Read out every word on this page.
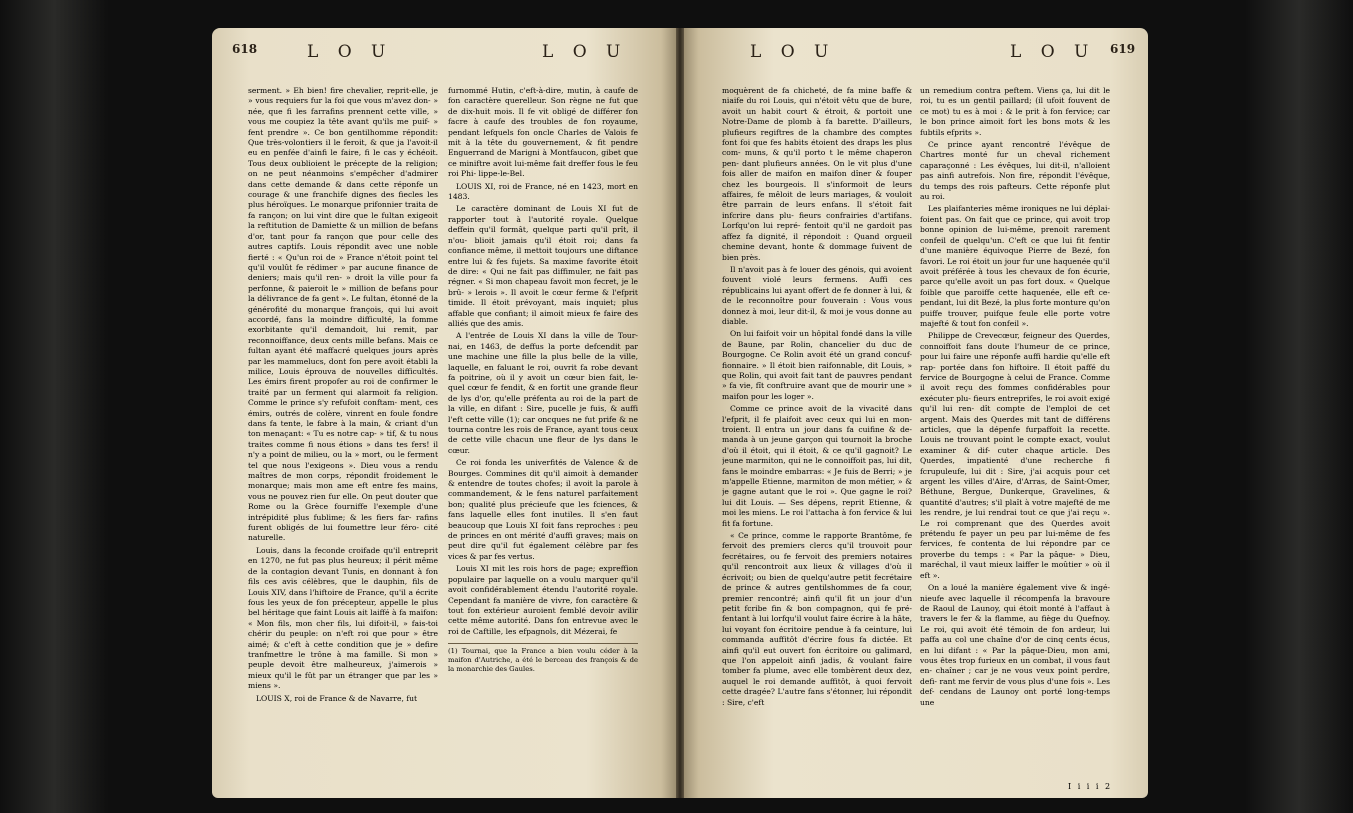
618	L O U	L O U	L O U	L O U 619

serment. » Eh bien! fire chevalier, reprit-elle, je » vous requiers fur la foi que vous m'avez don- » née, que fi les farrafins prennent cette ville, » vous me coupiez la tête avant qu'ils me puif- » fent prendre ». Ce bon gentilhomme répondit: Que très-volontiers il le feroit, & que ja l'avoit-il eu en penfée d'ainfi le faire, fi le cas y échéoit. Tous deux oublioient le précepte de la religion; on ne peut néanmoins s'empêcher d'admirer dans cette demande & dans cette réponfe un courage & une franchife dignes des fiecles les plus héroïques. Le monarque prifonnier traita de fa rançon; on lui vint dire que le fultan exigeoit la reftitution de Damiette & un million de befans d'or, tant pour fa rançon que pour celle des autres captifs. Louis répondit avec une noble fierté : « Qu'un roi de » France n'étoit point tel qu'il voulût fe rédimer » par aucune finance de deniers; mais qu'il ren- » droit la ville pour fa perfonne, & paieroit le » million de befans pour la délivrance de fa gent ». Le fultan, étonné de la générofité du monarque françois, qui lui avoit accordé, fans la moindre difficulté, la fomme exorbitante qu'il demandoit, lui remit, par reconnoiffance, deux cents mille befans. Mais ce fultan ayant été maffacré quelques jours après par les mammelucs, dont fon pere avoit établi la milice, Louis éprouva de nouvelles difficultés. Les émirs firent propofer au roi de confirmer le traité par un ferment qui alarmoit fa religion. Comme le prince s'y refufoit conftam- ment, ces émirs, outrés de colère, vinrent en foule fondre dans fa tente, le fabre à la main, & criant d'un ton menaçant: « Tu es notre cap- » tif, & tu nous traites comme fi nous étions » dans tes fers! il n'y a point de milieu, ou la » mort, ou le ferment tel que nous l'exigeons ». Dieu vous a rendu maîtres de mon corps, répondit froidement le monarque; mais mon ame eft entre fes mains, vous ne pouvez rien fur elle. On peut douter que Rome ou la Grèce fourniffe l'exemple d'une intrépidité plus fublime; & les fiers far- rafins furent obligés de lui foumettre leur féro- cité naturelle.

Louis, dans la feconde croifade qu'il entreprit en 1270, ne fut pas plus heureux; il périt même de la contagion devant Tunis, en donnant à fon fils ces avis célèbres, que le dauphin, fils de Louis XIV, dans l'hiftoire de France, qu'il a écrite fous les yeux de fon précepteur, appelle le plus bel héritage que faint Louis ait laiffé à fa maifon: « Mon fils, mon cher fils, lui difoit-il, » fais-toi chérir du peuple: on n'eft roi que pour » être aimé; & c'eft à cette condition que je » defire tranfmettre le trône à ma famille. Si mon » peuple devoit être malheureux, j'aimerois » mieux qu'il le fût par un étranger que par les » miens ».

LOUIS X, roi de France & de Navarre, fut

furnommé Hutin, c'eft-à-dire, mutin, à caufe de fon caractère querelleur. Son règne ne fut que de dix-huit mois. Il fe vit obligé de différer fon facre à caufe des troubles de fon royaume, pendant lefquels fon oncle Charles de Valois fe mit à la tête du gouvernement, & fit pendre Enguerrand de Marigni à Montfaucon, gibet que ce miniftre avoit lui-même fait dreffer fous le feu roi Phi- lippe-le-Bel.

LOUIS XI, roi de France, né en 1423, mort en 1483.

Le caractère dominant de Louis XI fut de rapporter tout à l'autorité royale. Quelque deffein qu'il formât, quelque parti qu'il prît, il n'ou- blioit jamais qu'il étoit roi; dans fa confiance même, il mettoit toujours une diftance entre lui & fes fujets. Sa maxime favorite étoit de dire: « Qui ne fait pas diffimuler, ne fait pas régner. « Si mon chapeau favoit mon fecret, je le brû- » lerois ». Il avoit le cœur ferme & l'efprit timide. Il étoit prévoyant, mais inquiet; plus affable que confiant; il aimoit mieux fe faire des alliés que des amis.

A l'entrée de Louis XI dans la ville de Tour- nai, en 1463, de deffus la porte defcendit par une machine une fille la plus belle de la ville, laquelle, en faluant le roi, ouvrit fa robe devant fa poitrine, où il y avoit un cœur bien fait, le- quel cœur fe fendit, & en fortit une grande fleur de lys d'or, qu'elle préfenta au roi de la part de la ville, en difant : Sire, pucelle je fuis, & auffi l'eft cette ville (1); car oncques ne fut prife & ne tourna contre les rois de France, ayant tous ceux de cette ville chacun une fleur de lys dans le cœur.

Ce roi fonda les univerfités de Valence & de Bourges. Commines dit qu'il aimoit à demander & entendre de toutes chofes; il avoit la parole à commandement, & le fens naturel parfaitement bon; qualité plus précieufe que les fciences, & fans laquelle elles font inutiles. Il s'en faut beaucoup que Louis XI foit fans reproches : peu de princes en ont mérité d'auffi graves; mais on peut dire qu'il fut également célèbre par fes vices & par fes vertus.

Louis XI mit les rois hors de page; expreffion populaire par laquelle on a voulu marquer qu'il avoit confidérablement étendu l'autorité royale. Cependant fa manière de vivre, fon caractère & tout fon extérieur auroient femblé devoir avilir cette même autorité. Dans fon entrevue avec le roi de Caftille, les efpagnols, dit Mézerai, fe

(1) Tournai, que la France a bien voulu céder à la maifon d'Autriche, a été le berceau des françois & de la monarchie des Gaules.

moquèrent de fa chicheté, de fa mine baffe & niaife du roi Louis, qui n'étoit vêtu que de bure, avoit un habit court & étroit, & portoit une Notre-Dame de plomb à fa barette. D'ailleurs, plufieurs regiftres de la chambre des comptes font foi que fes habits étoient des draps les plus com- muns, & qu'il porto t le même chaperon pen- dant plufieurs années. On le vit plus d'une fois aller de maifon en maifon dîner & fouper chez les bourgeois. Il s'informoit de leurs affaires, fe mêloit de leurs mariages, & vouloit être parrain de leurs enfans. Il s'étoit fait infcrire dans plu- fieurs confrairies d'artifans. Lorfqu'on lui repré- fentoit qu'il ne gardoit pas affez fa dignité, il répondoit : Quand orgueil chemine devant, honte & dommage fuivent de bien près.

Il n'avoit pas à fe louer des génois, qui avoient fouvent violé leurs fermens. Auffi ces républicains lui ayant offert de fe donner à lui, & de le reconnoître pour fouverain : Vous vous donnez à moi, leur dit-il, & moi je vous donne au diable.

On lui faifoit voir un hôpital fondé dans la ville de Baune, par Rolin, chancelier du duc de Bourgogne. Ce Rolin avoit été un grand concuf- fionnaire. » Il étoit bien raifonnable, dit Louis, » que Rolin, qui avoit fait tant de pauvres pendant » fa vie, fît conftruire avant que de mourir une » maifon pour les loger ».

Comme ce prince avoit de la vivacité dans l'efprit, il fe plaifoit avec ceux qui lui en mon- troient. Il entra un jour dans fa cuifine & de- manda à un jeune garçon qui tournoit la broche d'où il étoit, qui il étoit, & ce qu'il gagnoit? Le jeune marmiton, qui ne le connoiffoit pas, lui dit, fans le moindre embarras: « Je fuis de Berri; » je m'appelle Etienne, marmiton de mon métier, » & je gagne autant que le roi ». Que gagne le roi? lui dit Louis. — Ses dépens, reprit Etienne, & moi les miens. Le roi l'attacha à fon fervice & lui fit fa fortune.

« Ce prince, comme le rapporte Brantôme, fe fervoit des premiers clercs qu'il trouvoit pour fecrétaires, ou fe fervoit des premiers notaires qu'il rencontroit aux lieux & villages d'où il écrivoit; ou bien de quelqu'autre petit fecrétaire de prince & autres gentilshommes de fa cour, premier rencontré; ainfi qu'il fit un jour d'un petit fcribe fin & bon compagnon, qui fe pré- fentant à lui lorfqu'il voulut faire écrire à la hâte, lui voyant fon écritoire pendue à fa ceinture, lui commanda auffitôt d'écrire fous fa dictée. Et ainfi qu'il eut ouvert fon écritoire ou galimard, que l'on appeloit ainfi jadis, & voulant faire tomber fa plume, avec elle tombèrent deux dez, auquel le roi demande auffitôt, à quoi fervoit cette dragée? L'autre fans s'étonner, lui répondit : Sire, c'eft

un remedium contra peftem. Viens ça, lui dit le roi, tu es un gentil paillard; (il ufoit fouvent de ce mot) tu es à moi : & le prit à fon fervice; car le bon prince aimoit fort les bons mots & les fubtils efprits ».

Ce prince ayant rencontré l'évêque de Chartres monté fur un cheval richement caparaçonné : Les évêques, lui dit-il, n'alloient pas ainfi autrefois. Non fire, répondit l'évêque, du temps des rois pafteurs. Cette réponfe plut au roi.

Les plaifanteries même ironiques ne lui déplai- foient pas. On fait que ce prince, qui avoit trop bonne opinion de lui-même, prenoit rarement confeil de quelqu'un. C'eft ce que lui fit fentir d'une manière équivoque Pierre de Bezé, fon favori. Le roi étoit un jour fur une haquenée qu'il avoit préférée à tous les chevaux de fon écurie, parce qu'elle avoit un pas fort doux. « Quelque foible que paroiffe cette haquenée, elle eft ce- pendant, lui dit Bezé, la plus forte monture qu'on puiffe trouver, puifque feule elle porte votre majefté & tout fon confeil ».

Philippe de Crevecœur, feigneur des Querdes, connoiffoit fans doute l'humeur de ce prince, pour lui faire une réponfe auffi hardie qu'elle eft rap- portée dans fon hiftoire. Il étoit paffé du fervice de Bourgogne à celui de France. Comme il avoit reçu des fommes confidérables pour exécuter plu- fieurs entreprifes, le roi avoit exigé qu'il lui ren- dît compte de l'emploi de cet argent. Mais des Querdes mit tant de différens articles, que la dépenfe furpaffoit la recette. Louis ne trouvant point le compte exact, voulut examiner & dif- cuter chaque article. Des Querdes, impatienté d'une recherche fi fcrupuleufe, lui dit : Sire, j'ai acquis pour cet argent les villes d'Aire, d'Arras, de Saint-Omer, Béthune, Bergue, Dunkerque, Gravelines, & quantité d'autres; s'il plaît à votre majefté de me les rendre, je lui rendrai tout ce que j'ai reçu ». Le roi comprenant que des Querdes avoit prétendu fe payer un peu par lui-même de fes fervices, fe contenta de lui répondre par ce proverbe du temps : « Par la pâque- » Dieu, maréchal, il vaut mieux laiffer le moûtier » où il eft ».

On a loué la manière également vive & ingé- nieufe avec laquelle il récompenfa la bravoure de Raoul de Launoy, qui étoit monté à l'affaut à travers le fer & la flamme, au fiège du Quefnoy. Le roi, qui avoit été témoin de fon ardeur, lui paffa au col une chaîne d'or de cinq cents écus, en lui difant : « Par la pâque-Dieu, mon ami, vous êtes trop furieux en un combat, il vous faut en- chaîner ; car je ne vous veux point perdre, defi- rant me fervir de vous plus d'une fois ». Les def- cendans de Launoy ont porté long-temps une

I i i i 2
